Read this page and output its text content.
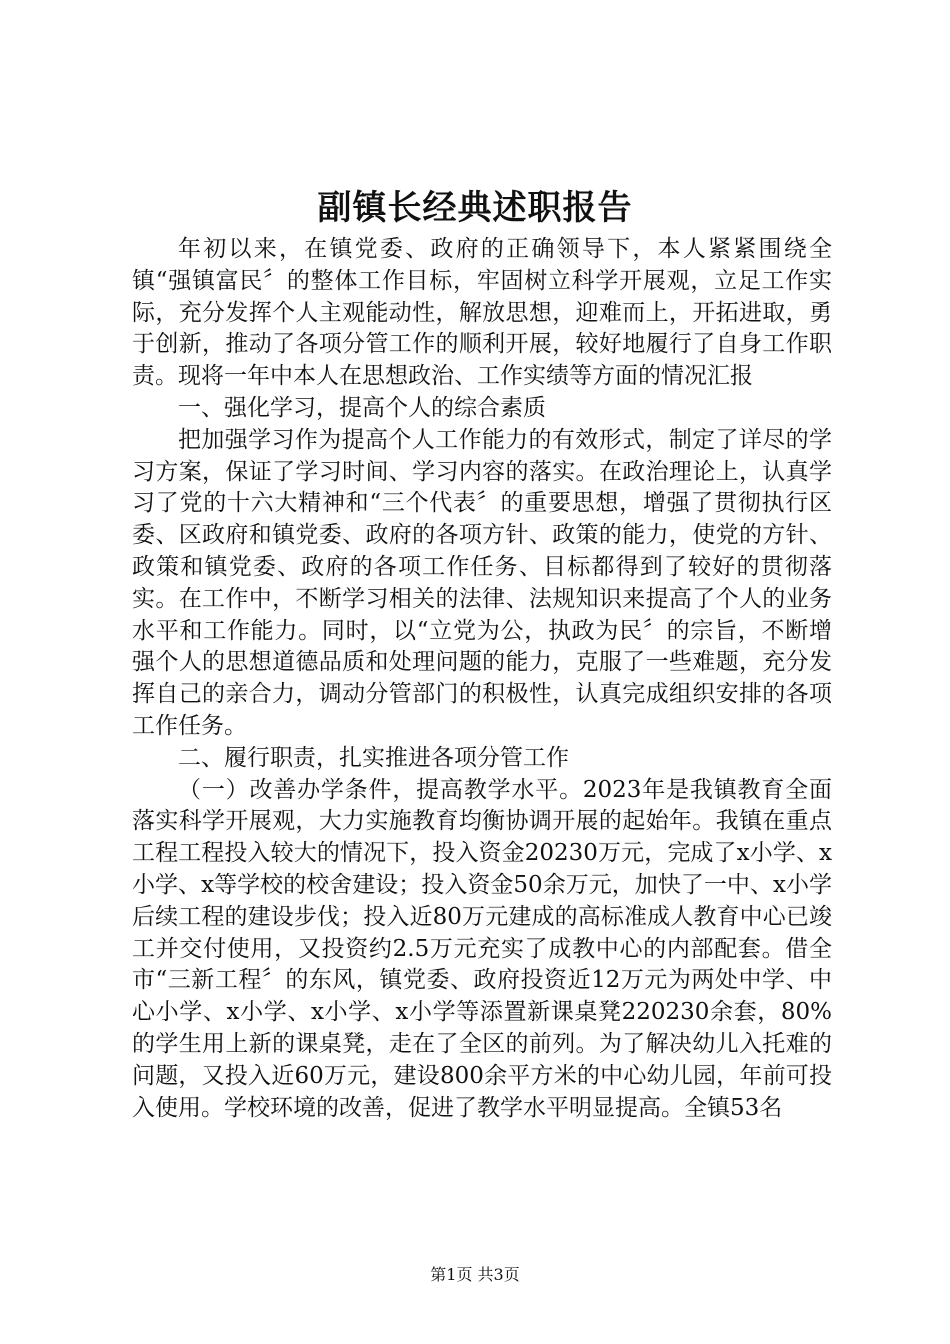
副镇长经典述职报告

年初以来，在镇党委、政府的正确领导下，本人紧紧围绕全镇“强镇富民〞的整体工作目标，牢固树立科学开展观，立足工作实际，充分发挥个人主观能动性，解放思想，迎难而上，开拓进取，勇于创新，推动了各项分管工作的顺利开展，较好地履行了自身工作职责。现将一年中本人在思想政治、工作实绩等方面的情况汇报

一、强化学习，提高个人的综合素质

把加强学习作为提高个人工作能力的有效形式，制定了详尽的学习方案，保证了学习时间、学习内容的落实。在政治理论上，认真学习了党的十六大精神和“三个代表〞的重要思想，增强了贯彻执行区委、区政府和镇党委、政府的各项方针、政策的能力，使党的方针、政策和镇党委、政府的各项工作任务、目标都得到了较好的贯彻落实。在工作中，不断学习相关的法律、法规知识来提高了个人的业务水平和工作能力。同时，以“立党为公，执政为民〞的宗旨，不断增强个人的思想道德品质和处理问题的能力，克服了一些难题，充分发挥自己的亲合力，调动分管部门的积极性，认真完成组织安排的各项工作任务。

二、履行职责，扎实推进各项分管工作

（一）改善办学条件，提高教学水平。2023年是我镇教育全面落实科学开展观，大力实施教育均衡协调开展的起始年。我镇在重点工程工程投入较大的情况下，投入资金20230万元，完成了x小学、x小学、x等学校的校舍建设；投入资金50余万元，加快了一中、x小学后续工程的建设步伐；投入近80万元建成的高标准成人教育中心已竣工并交付使用，又投资约2.5万元充实了成教中心的内部配套。借全市“三新工程〞的东风，镇党委、政府投资近12万元为两处中学、中心小学、x小学、x小学、x小学等添置新课桌凳220230余套，80%的学生用上新的课桌凳，走在了全区的前列。为了解决幼儿入托难的问题，又投入近60万元，建设800余平方米的中心幼儿园，年前可投入使用。学校环境的改善，促进了教学水平明显提高。全镇53名

第1页 共3页
